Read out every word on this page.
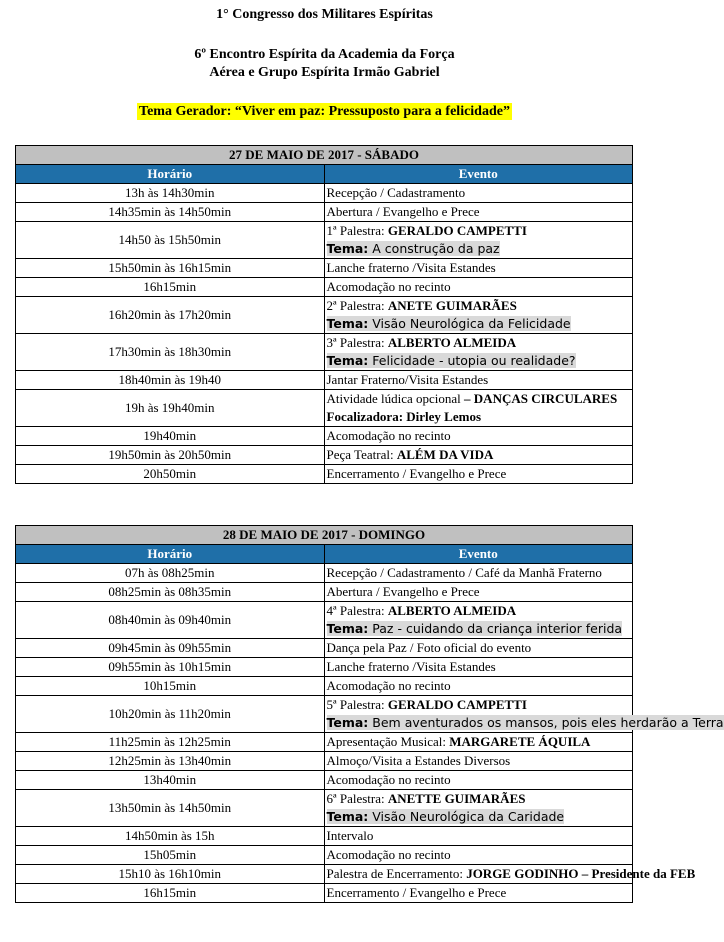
1° Congresso dos Militares Espíritas
6º Encontro Espírita da Academia da Força
Aérea e Grupo Espírita Irmão Gabriel
Tema Gerador: “Viver em paz: Pressuposto para a felicidade”
27 DE MAIO DE 2017 - SÁBADO	
Horário	Evento
13h às 14h30min	Recepção / Cadastramento
14h35min às 14h50min	Abertura / Evangelho e Prece
14h50 às 15h50min	1ª Palestra: GERALDO CAMPETTI
Tema: A construção da paz

15h50min às 16h15min	Lanche fraterno /Visita Estandes
16h15min	Acomodação no recinto
16h20min às 17h20min	2ª Palestra: ANETE GUIMARÃES
Tema: Visão Neurológica da Felicidade

17h30min às 18h30min	3ª Palestra: ALBERTO ALMEIDA
Tema: Felicidade - utopia ou realidade?

18h40min às 19h40	Jantar Fraterno/Visita Estandes
19h às 19h40min	Atividade lúdica opcional – DANÇAS CIRCULARES
Focalizadora: Dirley Lemos

19h40min	Acomodação no recinto
19h50min às 20h50min	Peça Teatral: ALÉM DA VIDA

20h50min	Encerramento / Evangelho e Prece
28 DE MAIO DE 2017 - DOMINGO	
Horário	Evento
07h às 08h25min	Recepção / Cadastramento / Café da Manhã Fraterno
08h25min às 08h35min	Abertura / Evangelho e Prece
08h40min às 09h40min	4ª Palestra: ALBERTO ALMEIDA
Tema: Paz - cuidando da criança interior ferida

09h45min às 09h55min	Dança pela Paz / Foto oficial do evento
09h55min às 10h15min	Lanche fraterno /Visita Estandes
10h15min	Acomodação no recinto
10h20min às 11h20min	5ª Palestra: GERALDO CAMPETTI
Tema: Bem aventurados os mansos, pois eles herdarão a Terra

11h25min às 12h25min	Apresentação Musical: MARGARETE ÁQUILA

12h25min às 13h40min	Almoço/Visita a Estandes Diversos
13h40min	Acomodação no recinto
13h50min às 14h50min	6ª Palestra: ANETTE GUIMARÃES
Tema: Visão Neurológica da Caridade

14h50min às 15h	Intervalo
15h05min	Acomodação no recinto
15h10 às 16h10min	Palestra de Encerramento: JORGE GODINHO – Presidente da FEB

16h15min	Encerramento / Evangelho e Prece
